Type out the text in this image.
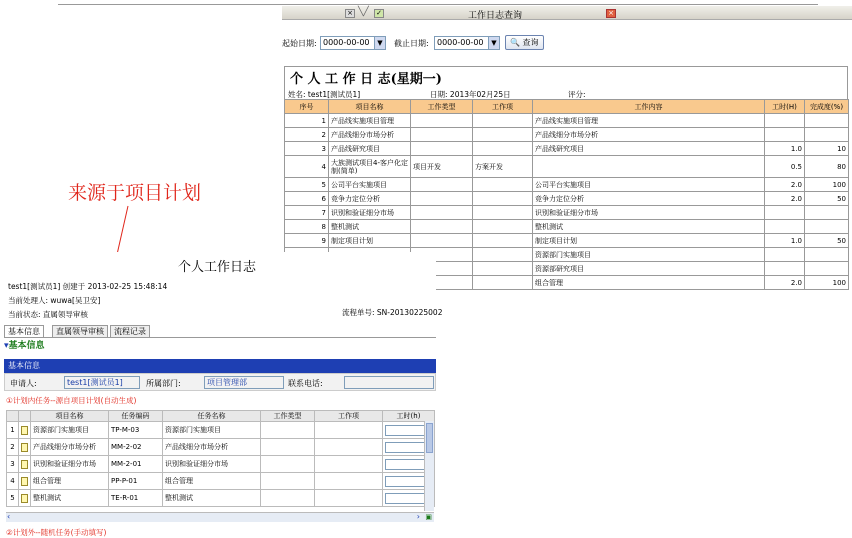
× ╲╱ ✓	工作日志查询	×
起始日期: 0000-00-00	▼ 截止日期:	0000-00-00	▼	🔍 查询
个 人 工 作 日 志(星期一)
姓名: test1[测试员1]	日期: 2013年02月25日	评分:
序号	项目名称	工作类型	工作项	工作内容	工时(H)	完成度(%)
1	产品线实施项目管理			产品线实施项目管理		
2	产品线细分市场分析			产品线细分市场分析		
3	产品线研究项目			产品线研究项目	1.0	10
4	大族测试项目4-客户化定制(简单)	项目开发	方案开发		0.5	80
5	公司平台实施项目			公司平台实施项目	2.0	100
6	竞争力定位分析			竞争力定位分析	2.0	50
7	识别和验证细分市场			识别和验证细分市场		
8	整机测试			整机测试		
9	制定项目计划			制定项目计划	1.0	50
				资源部门实施项目		
				资源部研究项目		
				组合管理	2.0	100
来源于项目计划
个人工作日志
test1[测试员1] 创建于 2013-02-25 15:48:14
当前处理人: wuwa[吴卫安]
当前状态: 直属领导审核	流程单号: SN-20130225002
基本信息	直属领导审核	流程记录
▾基本信息
基本信息
申请人:	test1[测试员1]	所属部门:	项目管理部	联系电话:
①计划内任务--源自项目计划(自动生成)
		项目名称	任务编码	任务名称	工作类型	工作项	工时(h)
1		资源部门实施项目	TP-M-03	资源部门实施项目			

2		产品线细分市场分析	MM-2-02	产品线细分市场分析			

3		识别和验证细分市场	MM-2-01	识别和验证细分市场			

4		组合管理	PP-P-01	组合管理			

5		整机测试	TE-R-01	整机测试			
‹	› ▣
②计划外--随机任务(手动填写)
